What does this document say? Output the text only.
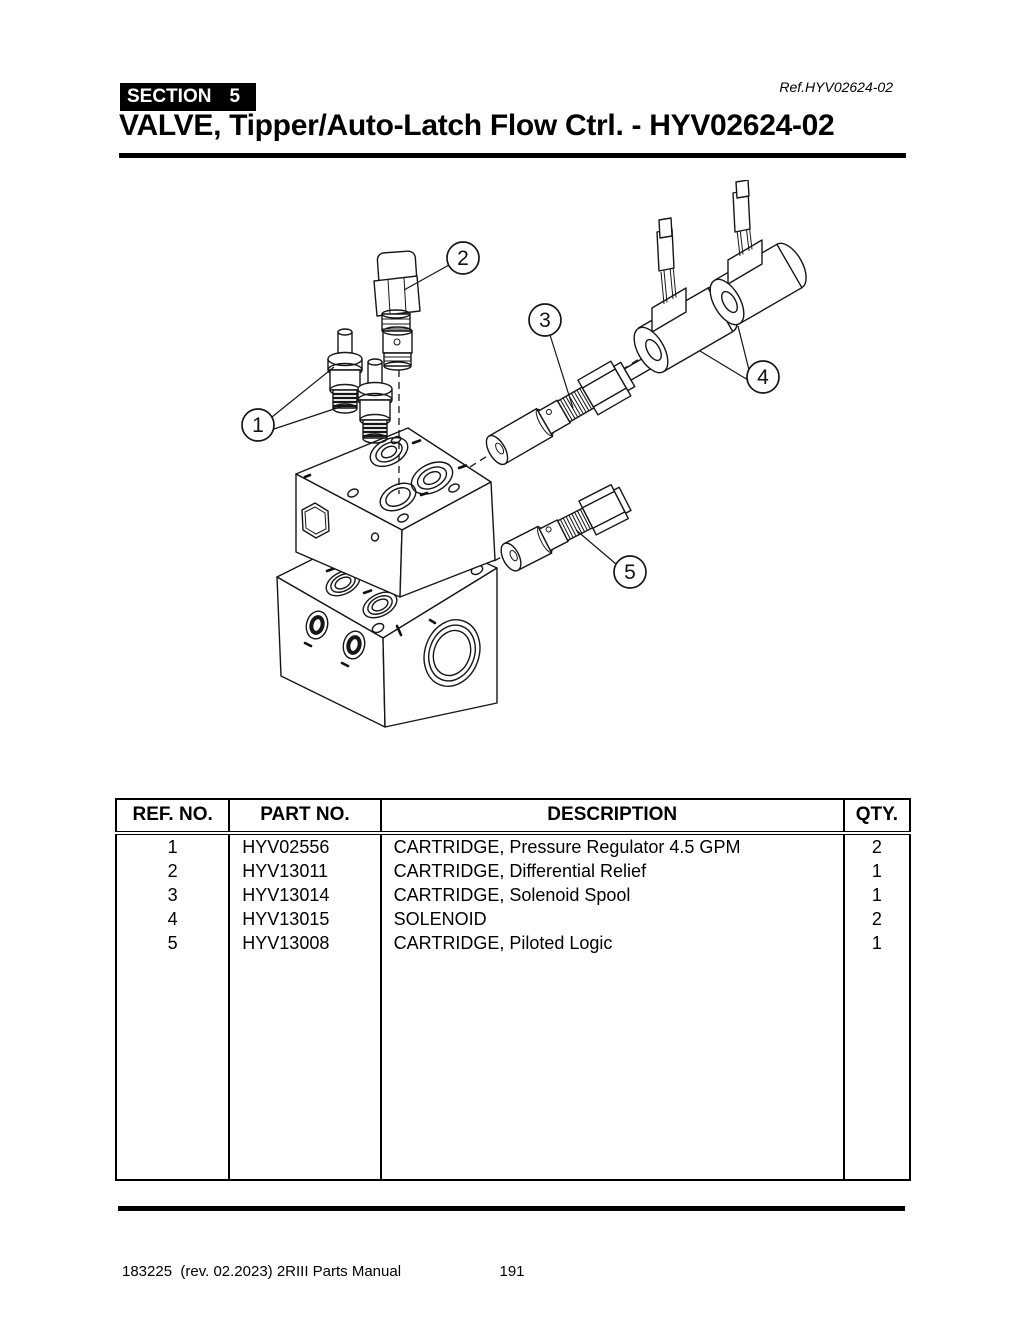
SECTION 5	Ref.HYV02624-02
VALVE, Tipper/Auto-Latch Flow Ctrl. - HYV02624-02
1
2
3
4
5
REF. NO.	PART NO.	DESCRIPTION	QTY.
1	HYV02556	CARTRIDGE, Pressure Regulator 4.5 GPM	2
2	HYV13011	CARTRIDGE, Differential Relief	1
3	HYV13014	CARTRIDGE, Solenoid Spool	1
4	HYV13015	SOLENOID	2
5	HYV13008	CARTRIDGE, Piloted Logic	1

183225  (rev. 02.2023) 2RIII Parts Manual	191
